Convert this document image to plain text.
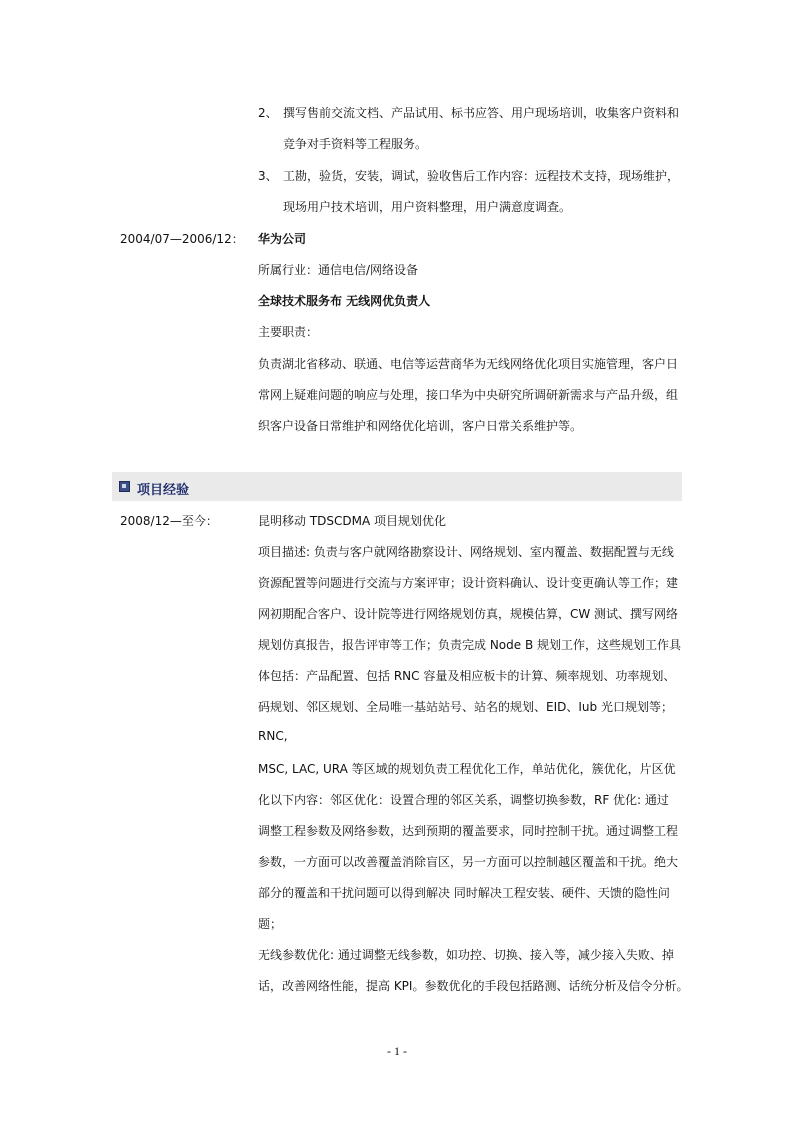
2、 撰写售前交流文档、产品试用、标书应答、用户现场培训，收集客户资料和
竞争对手资料等工程服务。
3、 工勘，验货，安装，调试，验收售后工作内容：远程技术支持，现场维护，
现场用户技术培训，用户资料整理，用户满意度调查。
2004/07—2006/12： 华为公司
所属行业：通信电信/网络设备
全球技术服务布 无线网优负责人
主要职责：
负责湖北省移动、联通、电信等运营商华为无线网络优化项目实施管理，客户日
常网上疑难问题的响应与处理，接口华为中央研究所调研新需求与产品升级，组
织客户设备日常维护和网络优化培训，客户日常关系维护等。
项目经验
2008/12—至今：	昆明移动 TDSCDMA 项目规划优化
项目描述: 负责与客户就网络勘察设计、网络规划、室内覆盖、数据配置与无线
资源配置等问题进行交流与方案评审；设计资料确认、设计变更确认等工作；建
网初期配合客户、设计院等进行网络规划仿真，规模估算，CW 测试、撰写网络
规划仿真报告，报告评审等工作；负责完成 Node B 规划工作，这些规划工作具
体包括：产品配置、包括 RNC 容量及相应板卡的计算、频率规划、功率规划、
码规划、邻区规划、全局唯一基站站号、站名的规划、EID、Iub 光口规划等；
RNC,
MSC, LAC, URA 等区域的规划负责工程优化工作，单站优化，簇优化，片区优
化以下内容：邻区优化：设置合理的邻区关系，调整切换参数，RF 优化: 通过
调整工程参数及网络参数，达到预期的覆盖要求，同时控制干扰。通过调整工程
参数，一方面可以改善覆盖消除盲区，另一方面可以控制越区覆盖和干扰。绝大
部分的覆盖和干扰问题可以得到解决 同时解决工程安装、硬件、天馈的隐性问
题；
无线参数优化: 通过调整无线参数，如功控、切换、接入等，减少接入失败、掉
话，改善网络性能，提高 KPI。参数优化的手段包括路测、话统分析及信令分析。
- 1 -
